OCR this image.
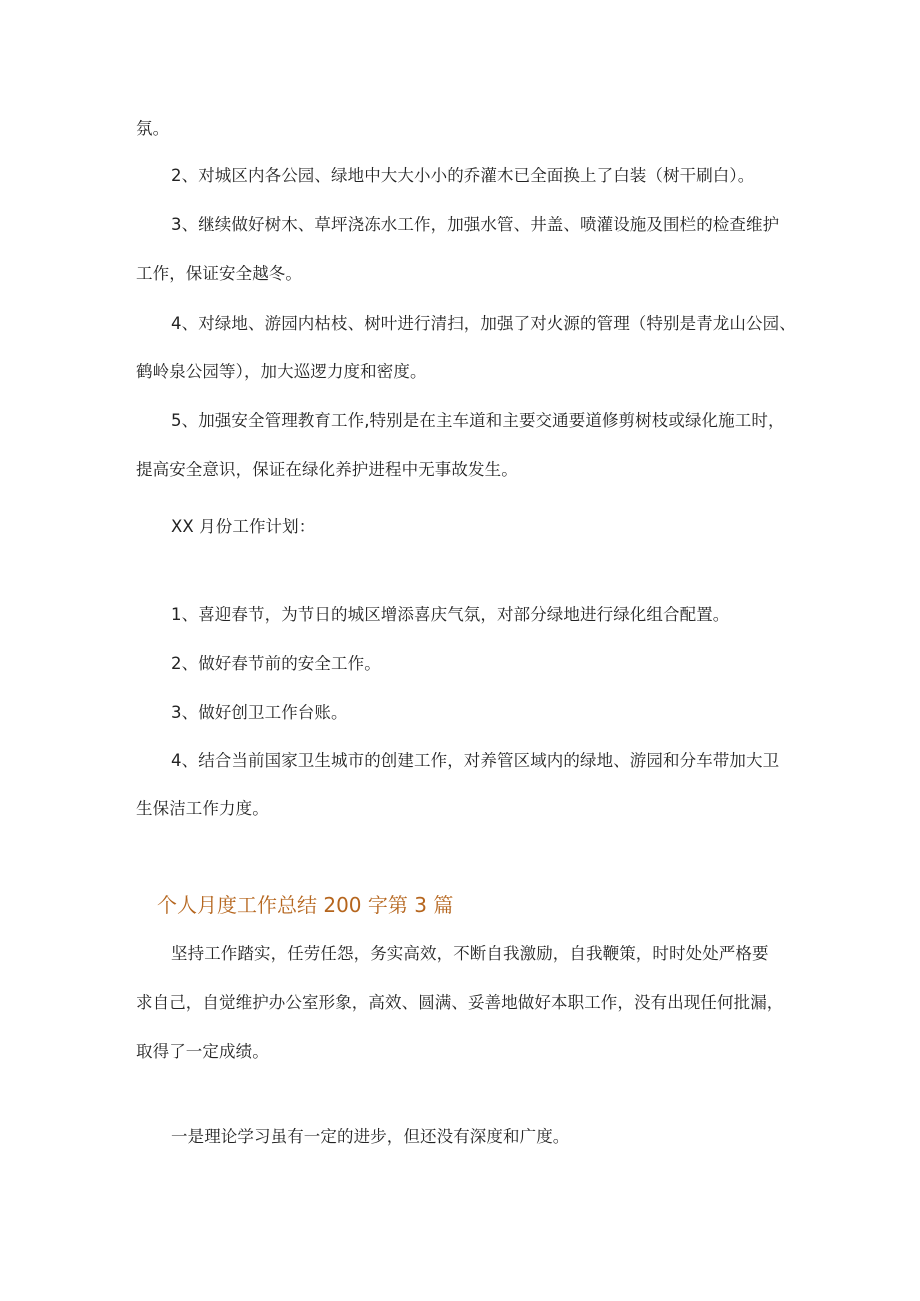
氛。
2、对城区内各公园、绿地中大大小小的乔灌木已全面换上了白装（树干刷白）。
3、继续做好树木、草坪浇冻水工作，加强水管、井盖、喷灌设施及围栏的检查维护
工作，保证安全越冬。
4、对绿地、游园内枯枝、树叶进行清扫，加强了对火源的管理（特别是青龙山公园、
鹤岭泉公园等），加大巡逻力度和密度。
5、加强安全管理教育工作,特别是在主车道和主要交通要道修剪树枝或绿化施工时，
提高安全意识，保证在绿化养护进程中无事故发生。
XX 月份工作计划：
1、喜迎春节，为节日的城区增添喜庆气氛，对部分绿地进行绿化组合配置。
2、做好春节前的安全工作。
3、做好创卫工作台账。
4、结合当前国家卫生城市的创建工作，对养管区域内的绿地、游园和分车带加大卫
生保洁工作力度。
个人月度工作总结 200 字第 3 篇
坚持工作踏实，任劳任怨，务实高效，不断自我激励，自我鞭策，时时处处严格要
求自己，自觉维护办公室形象，高效、圆满、妥善地做好本职工作，没有出现任何批漏，
取得了一定成绩。
一是理论学习虽有一定的进步，但还没有深度和广度。
